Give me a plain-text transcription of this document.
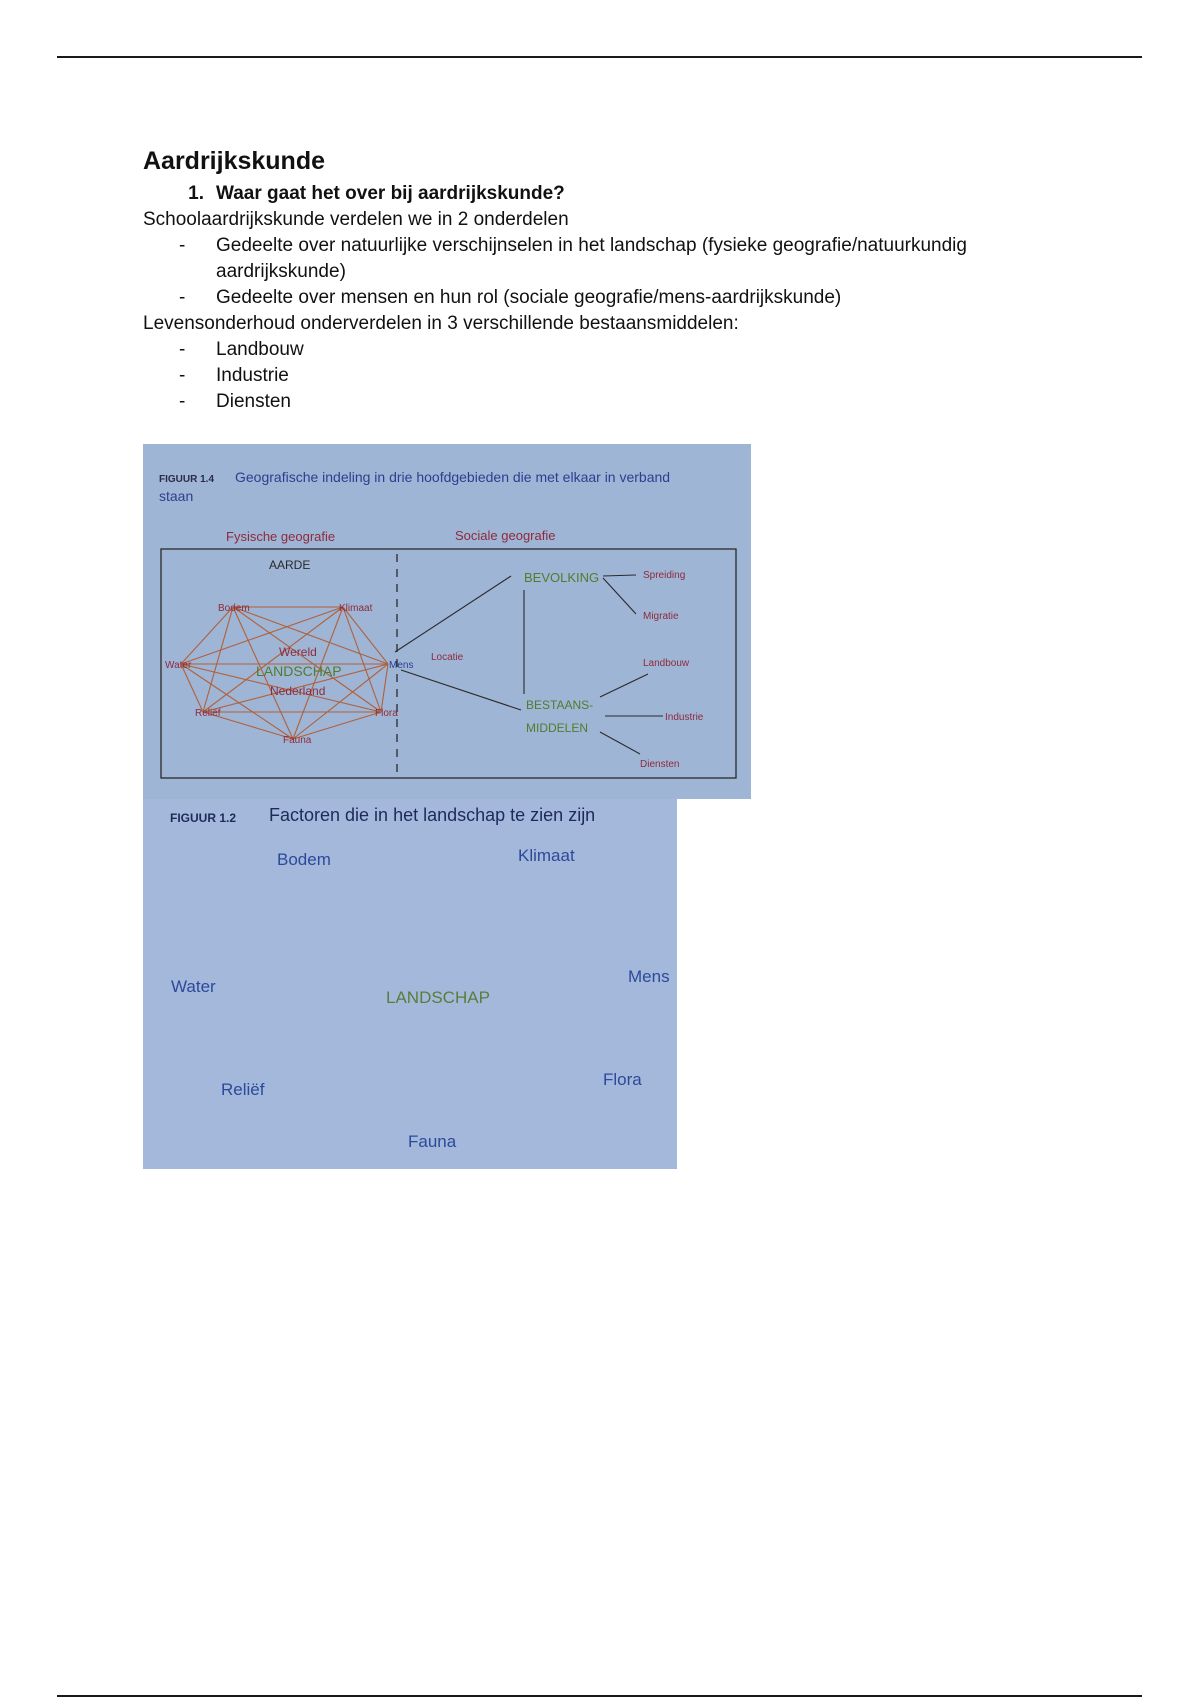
Aardrijkskunde
1. Waar gaat het over bij aardrijkskunde?

Schoolaardrijkskunde verdelen we in 2 onderdelen

-	Gedeelte over natuurlijke verschijnselen in het landschap (fysieke geografie/natuurkundig aardrijkskunde)
-	Gedeelte over mensen en hun rol (sociale geografie/mens-aardrijkskunde)

Levensonderhoud onderverdelen in 3 verschillende bestaansmiddelen:

-	Landbouw
-	Industrie
-	Diensten
FIGUUR 1.4 Geografische indeling in drie hoofdgebieden die met elkaar in verband
staan
Fysische geografie	Sociale geografie
AARDE
Bodem	Klimaat
Water
Wereld
LANDSCHAP
Nederland
Mens
Reliëf	Flora
Fauna
Locatie
BEVOLKING	Spreiding
Migratie
BESTAANS-
MIDDELEN
Landbouw
Industrie
Diensten
FIGUUR 1.2 Factoren die in het landschap te zien zijn
Bodem	Klimaat
Water
LANDSCHAP
Mens
Reliëf
Flora
Fauna
